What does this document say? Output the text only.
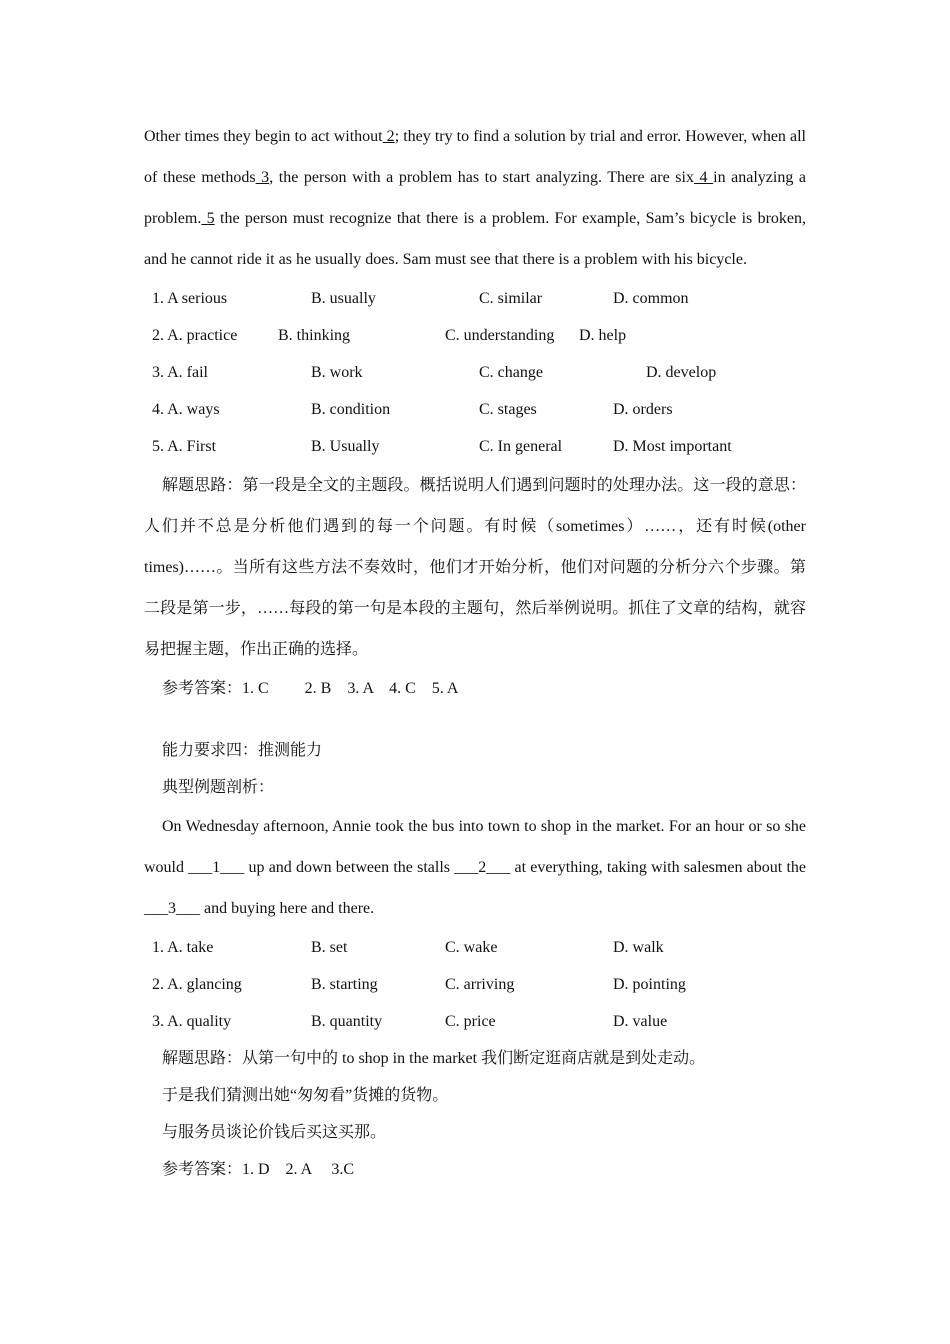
Other times they begin to act without 2; they try to find a solution by trial and error. However, when all of these methods 3, the person with a problem has to start analyzing. There are six 4 in analyzing a problem. 5 the person must recognize that there is a problem. For example, Sam’s bicycle is broken, and he cannot ride it as he usually does. Sam must see that there is a problem with his bicycle.

1. A serious	B. usually	C. similar	D. common
2. A. practice	B. thinking	C. understanding D. help
3. A. fail	B. work	C. change	D. develop
4. A. ways	B. condition	C. stages	D. orders
5. A. First	B. Usually	C. In general	D. Most important

解题思路：第一段是全文的主题段。概括说明人们遇到问题时的处理办法。这一段的意思：人们并不总是分析他们遇到的每一个问题。有时候（sometimes）……，还有时候(other times)……。当所有这些方法不奏效时，他们才开始分析，他们对问题的分析分六个步骤。第二段是第一步，……每段的第一句是本段的主题句，然后举例说明。抓住了文章的结构，就容易把握主题，作出正确的选择。

参考答案：1. C　　 2. B　3. A　4. C　5. A

能力要求四：推测能力

典型例题剖析：

On Wednesday afternoon, Annie took the bus into town to shop in the market. For an hour or so she would ___1___ up and down between the stalls ___2___ at everything, taking with salesmen about the ___3___ and buying here and there.

1. A. take	B. set	C. wake	D. walk
2. A. glancing	B. starting	C. arriving	D. pointing
3. A. quality	B. quantity	C. price	D. value

解题思路：从第一句中的 to shop in the market 我们断定逛商店就是到处走动。

于是我们猜测出她“匆匆看”货摊的货物。

与服务员谈论价钱后买这买那。

参考答案：1. D　2. A　 3.C
